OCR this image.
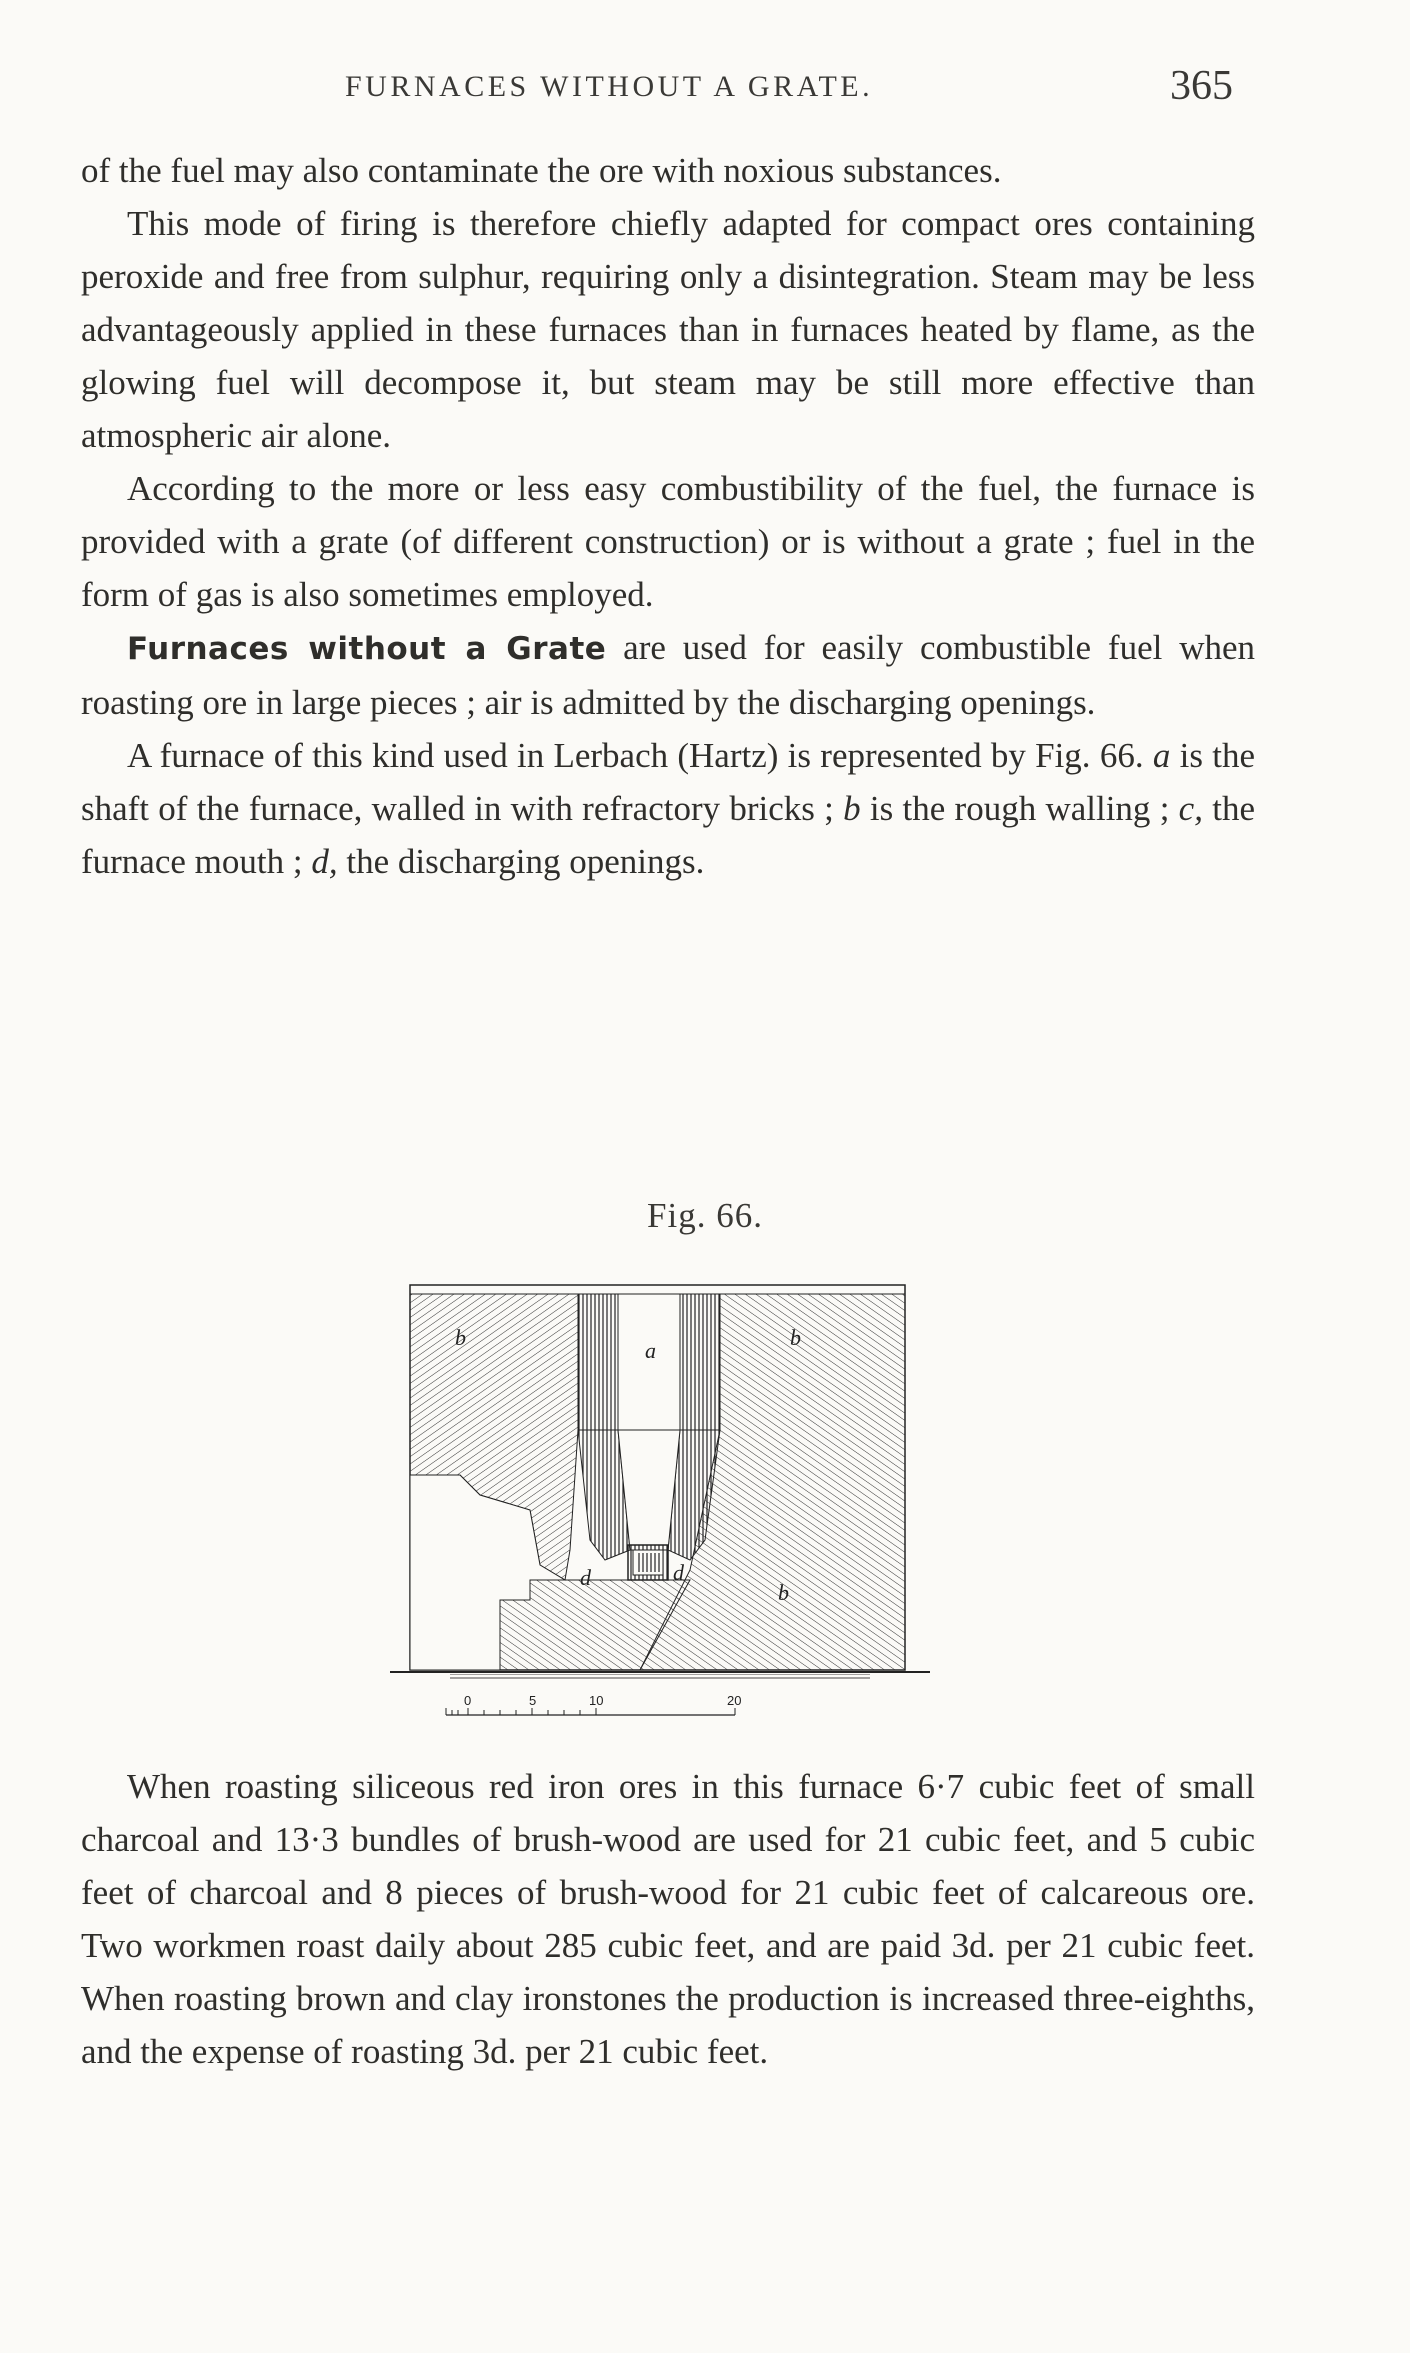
FURNACES WITHOUT A GRATE.	365

of the fuel may also contaminate the ore with noxious substances.

This mode of firing is therefore chiefly adapted for compact ores containing peroxide and free from sulphur, requiring only a disintegration. Steam may be less advantageously applied in these furnaces than in furnaces heated by flame, as the glowing fuel will decompose it, but steam may be still more effective than atmospheric air alone.

According to the more or less easy combustibility of the fuel, the furnace is provided with a grate (of different construction) or is without a grate ; fuel in the form of gas is also sometimes employed.

Furnaces without a Grate are used for easily combustible fuel when roasting ore in large pieces ; air is admitted by the discharging openings.

A furnace of this kind used in Lerbach (Hartz) is represented by Fig. 66. a is the shaft of the furnace, walled in with refractory bricks ; b is the rough walling ; c, the furnace mouth ; d, the discharging openings.

Fig. 66.
b
a
b
b
d	d
0	5	10	20

When roasting siliceous red iron ores in this furnace 6·7 cubic feet of small charcoal and 13·3 bundles of brush-wood are used for 21 cubic feet, and 5 cubic feet of charcoal and 8 pieces of brush-wood for 21 cubic feet of calcareous ore. Two workmen roast daily about 285 cubic feet, and are paid 3d. per 21 cubic feet. When roasting brown and clay ironstones the production is increased three-eighths, and the expense of roasting 3d. per 21 cubic feet.
